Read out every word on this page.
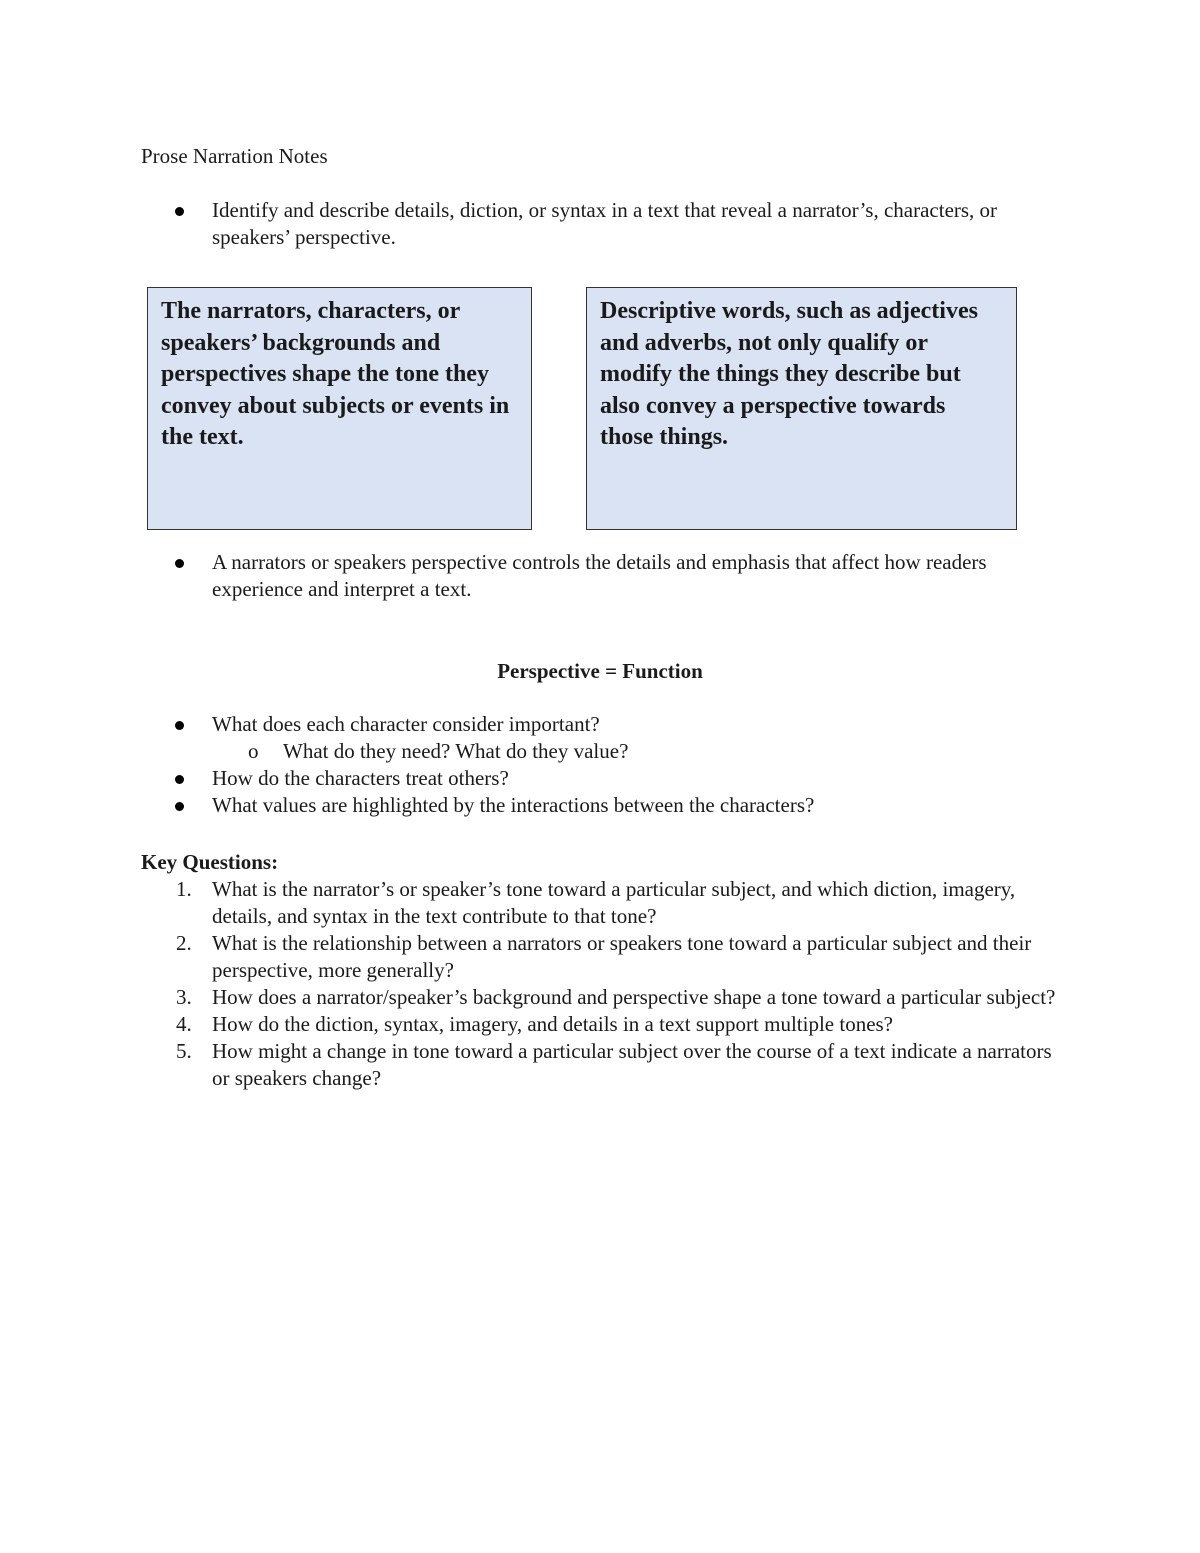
Prose Narration Notes
Identify and describe details, diction, or syntax in a text that reveal a narrator’s, characters, or speakers’ perspective.
The narrators, characters, or speakers’ backgrounds and perspectives shape the tone they convey about subjects or events in the text.
Descriptive words, such as adjectives and adverbs, not only qualify or modify the things they describe but also convey a perspective towards those things.
A narrators or speakers perspective controls the details and emphasis that affect how readers experience and interpret a text.
Perspective = Function
What does each character consider important?
o What do they need? What do they value?
How do the characters treat others?
What values are highlighted by the interactions between the characters?
Key Questions:
1. What is the narrator’s or speaker’s tone toward a particular subject, and which diction, imagery, details, and syntax in the text contribute to that tone?
2. What is the relationship between a narrators or speakers tone toward a particular subject and their perspective, more generally?
3. How does a narrator/speaker’s background and perspective shape a tone toward a particular subject?
4. How do the diction, syntax, imagery, and details in a text support multiple tones?
5. How might a change in tone toward a particular subject over the course of a text indicate a narrators or speakers change?
